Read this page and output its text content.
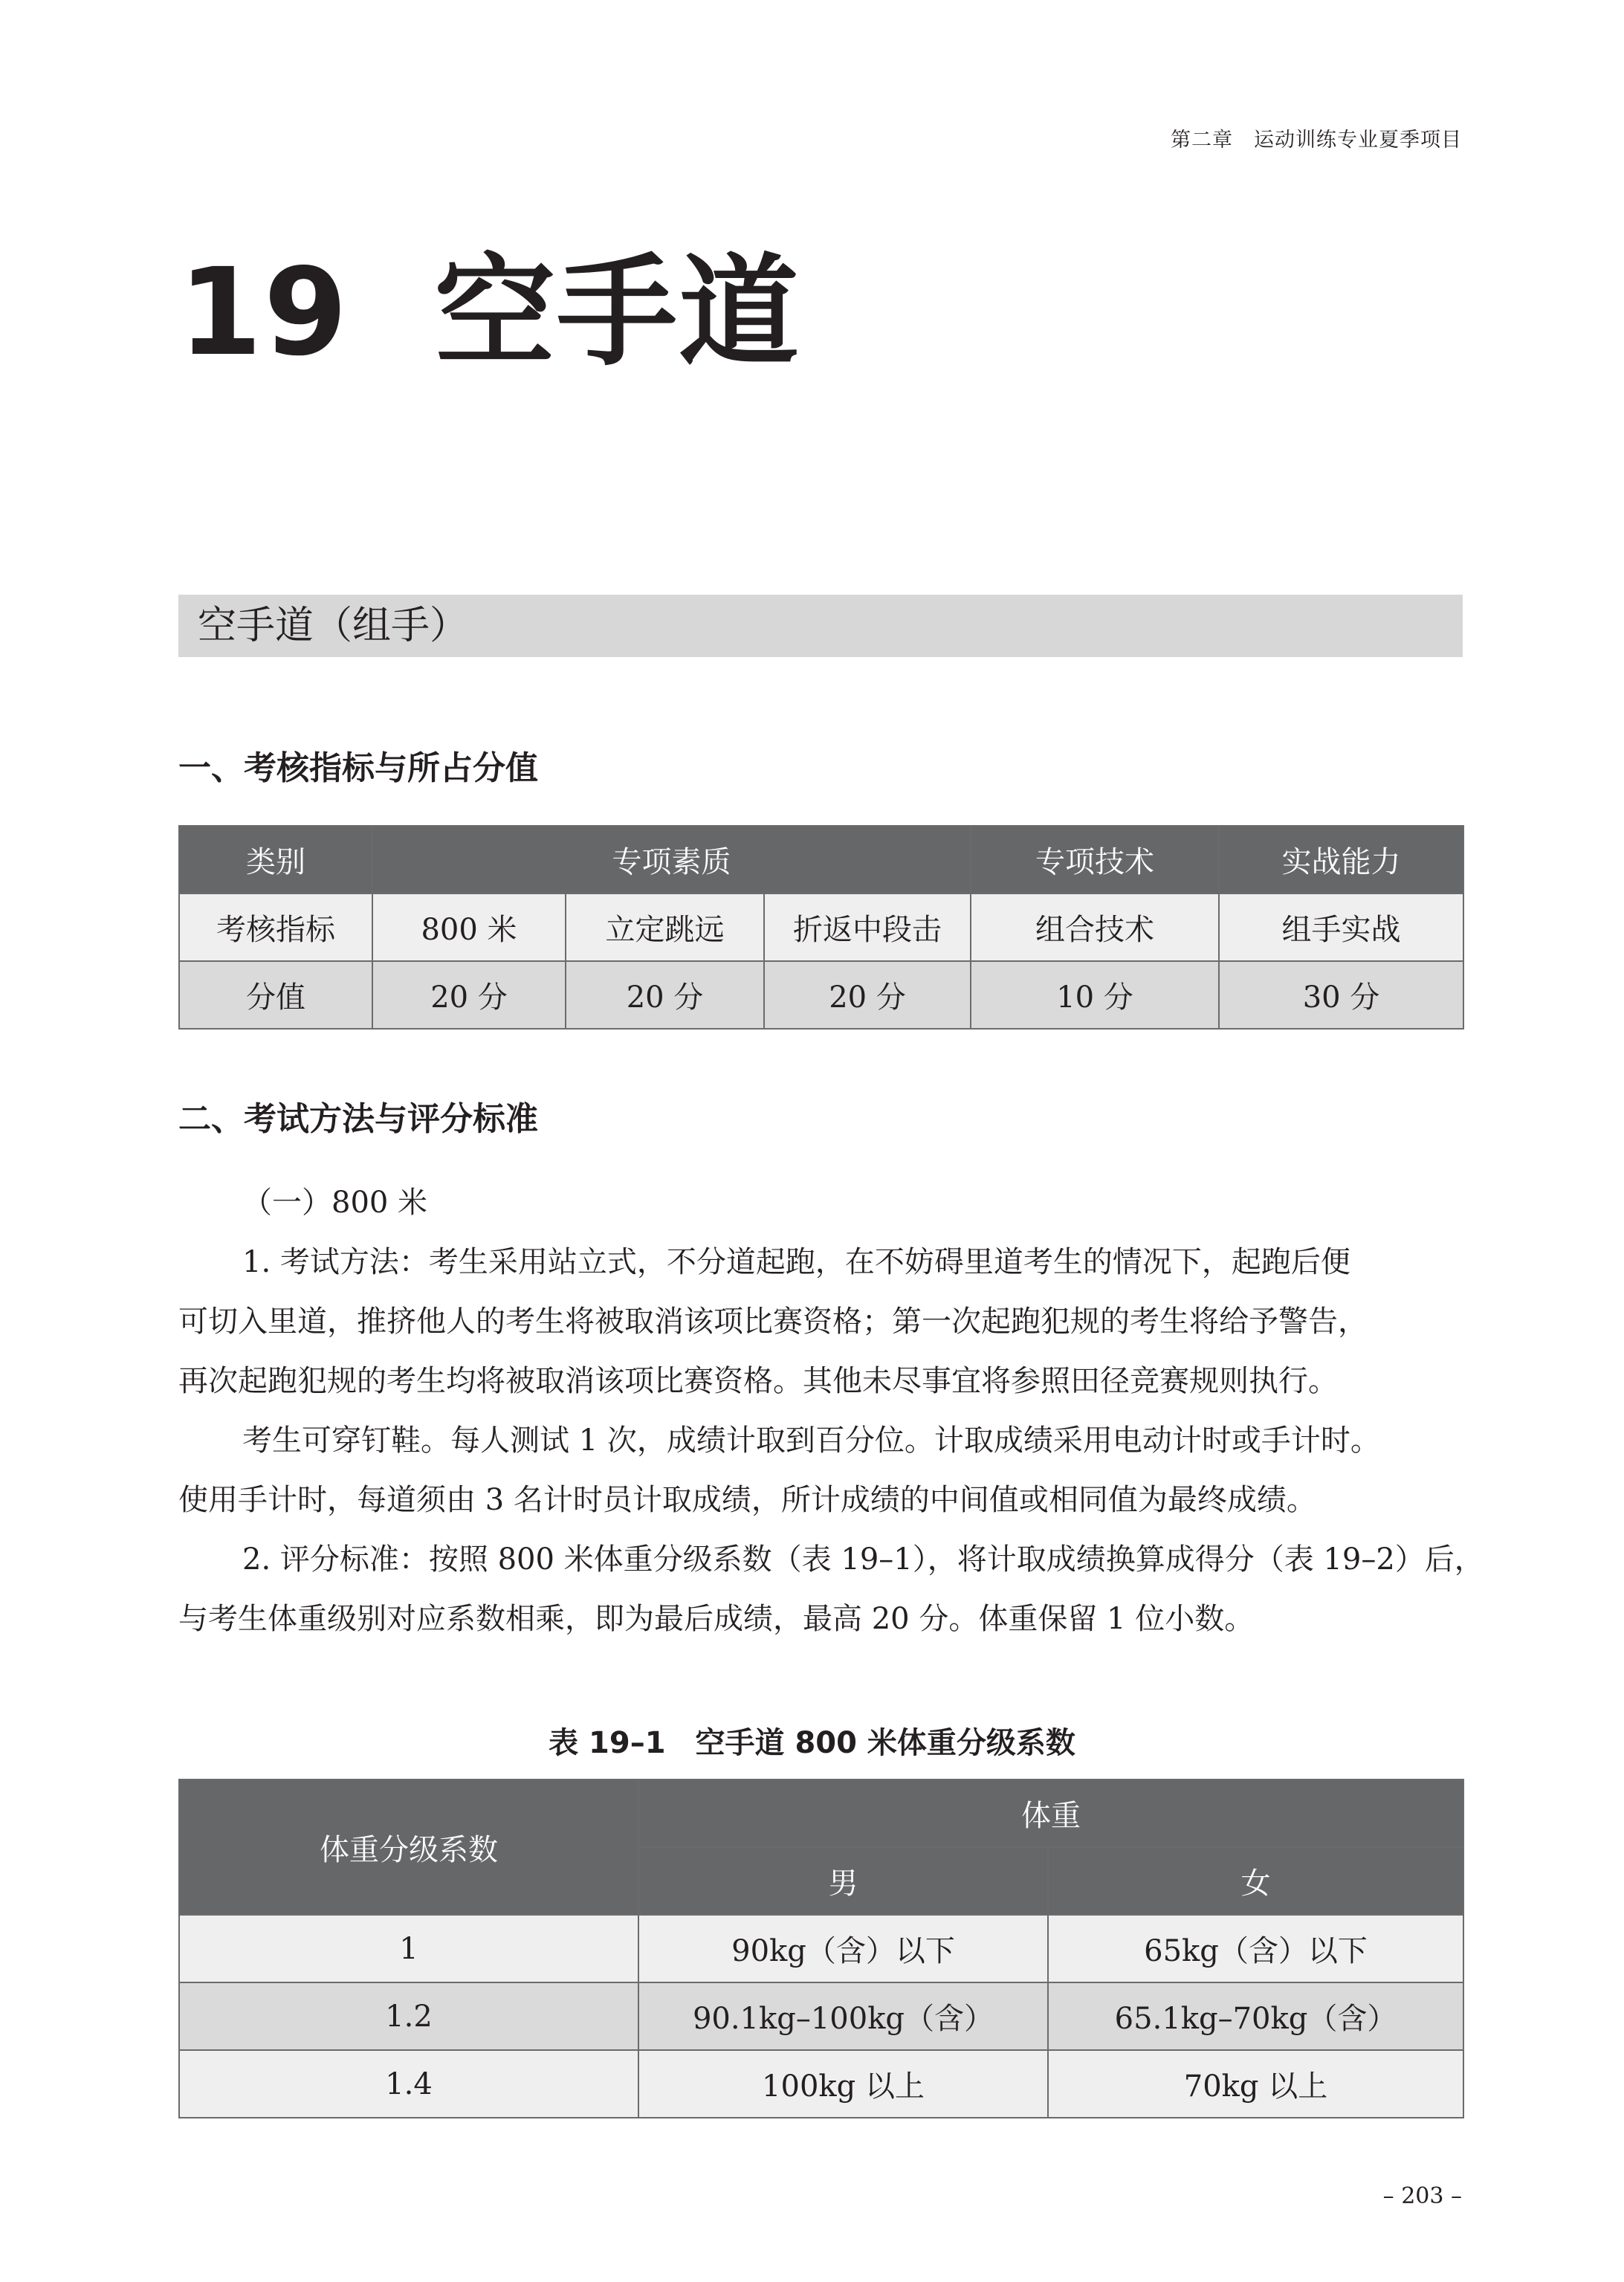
第二章　运动训练专业夏季项目
19 空手道
空手道（组手）
一、考核指标与所占分值
类别	专项素质			专项技术	实战能力
考核指标	800 米	立定跳远	折返中段击	组合技术	组手实战
分值	20 分	20 分	20 分	10 分	30 分
二、考试方法与评分标准
（一）800 米
1. 考试方法：考生采用站立式，不分道起跑，在不妨碍里道考生的情况下，起跑后便
可切入里道，推挤他人的考生将被取消该项比赛资格；第一次起跑犯规的考生将给予警告，
再次起跑犯规的考生均将被取消该项比赛资格。其他未尽事宜将参照田径竞赛规则执行。
考生可穿钉鞋。每人测试 1 次，成绩计取到百分位。计取成绩采用电动计时或手计时。
使用手计时，每道须由 3 名计时员计取成绩，所计成绩的中间值或相同值为最终成绩。
2. 评分标准：按照 800 米体重分级系数（表 19–1），将计取成绩换算成得分（表 19–2）后，
与考生体重级别对应系数相乘，即为最后成绩，最高 20 分。体重保留 1 位小数。
表 19–1　空手道 800 米体重分级系数
体重分级系数	体重	
	男	女
1	90kg（含）以下	65kg（含）以下
1.2	90.1kg–100kg（含）	65.1kg–70kg（含）
1.4	100kg 以上	70kg 以上
– 203 –
